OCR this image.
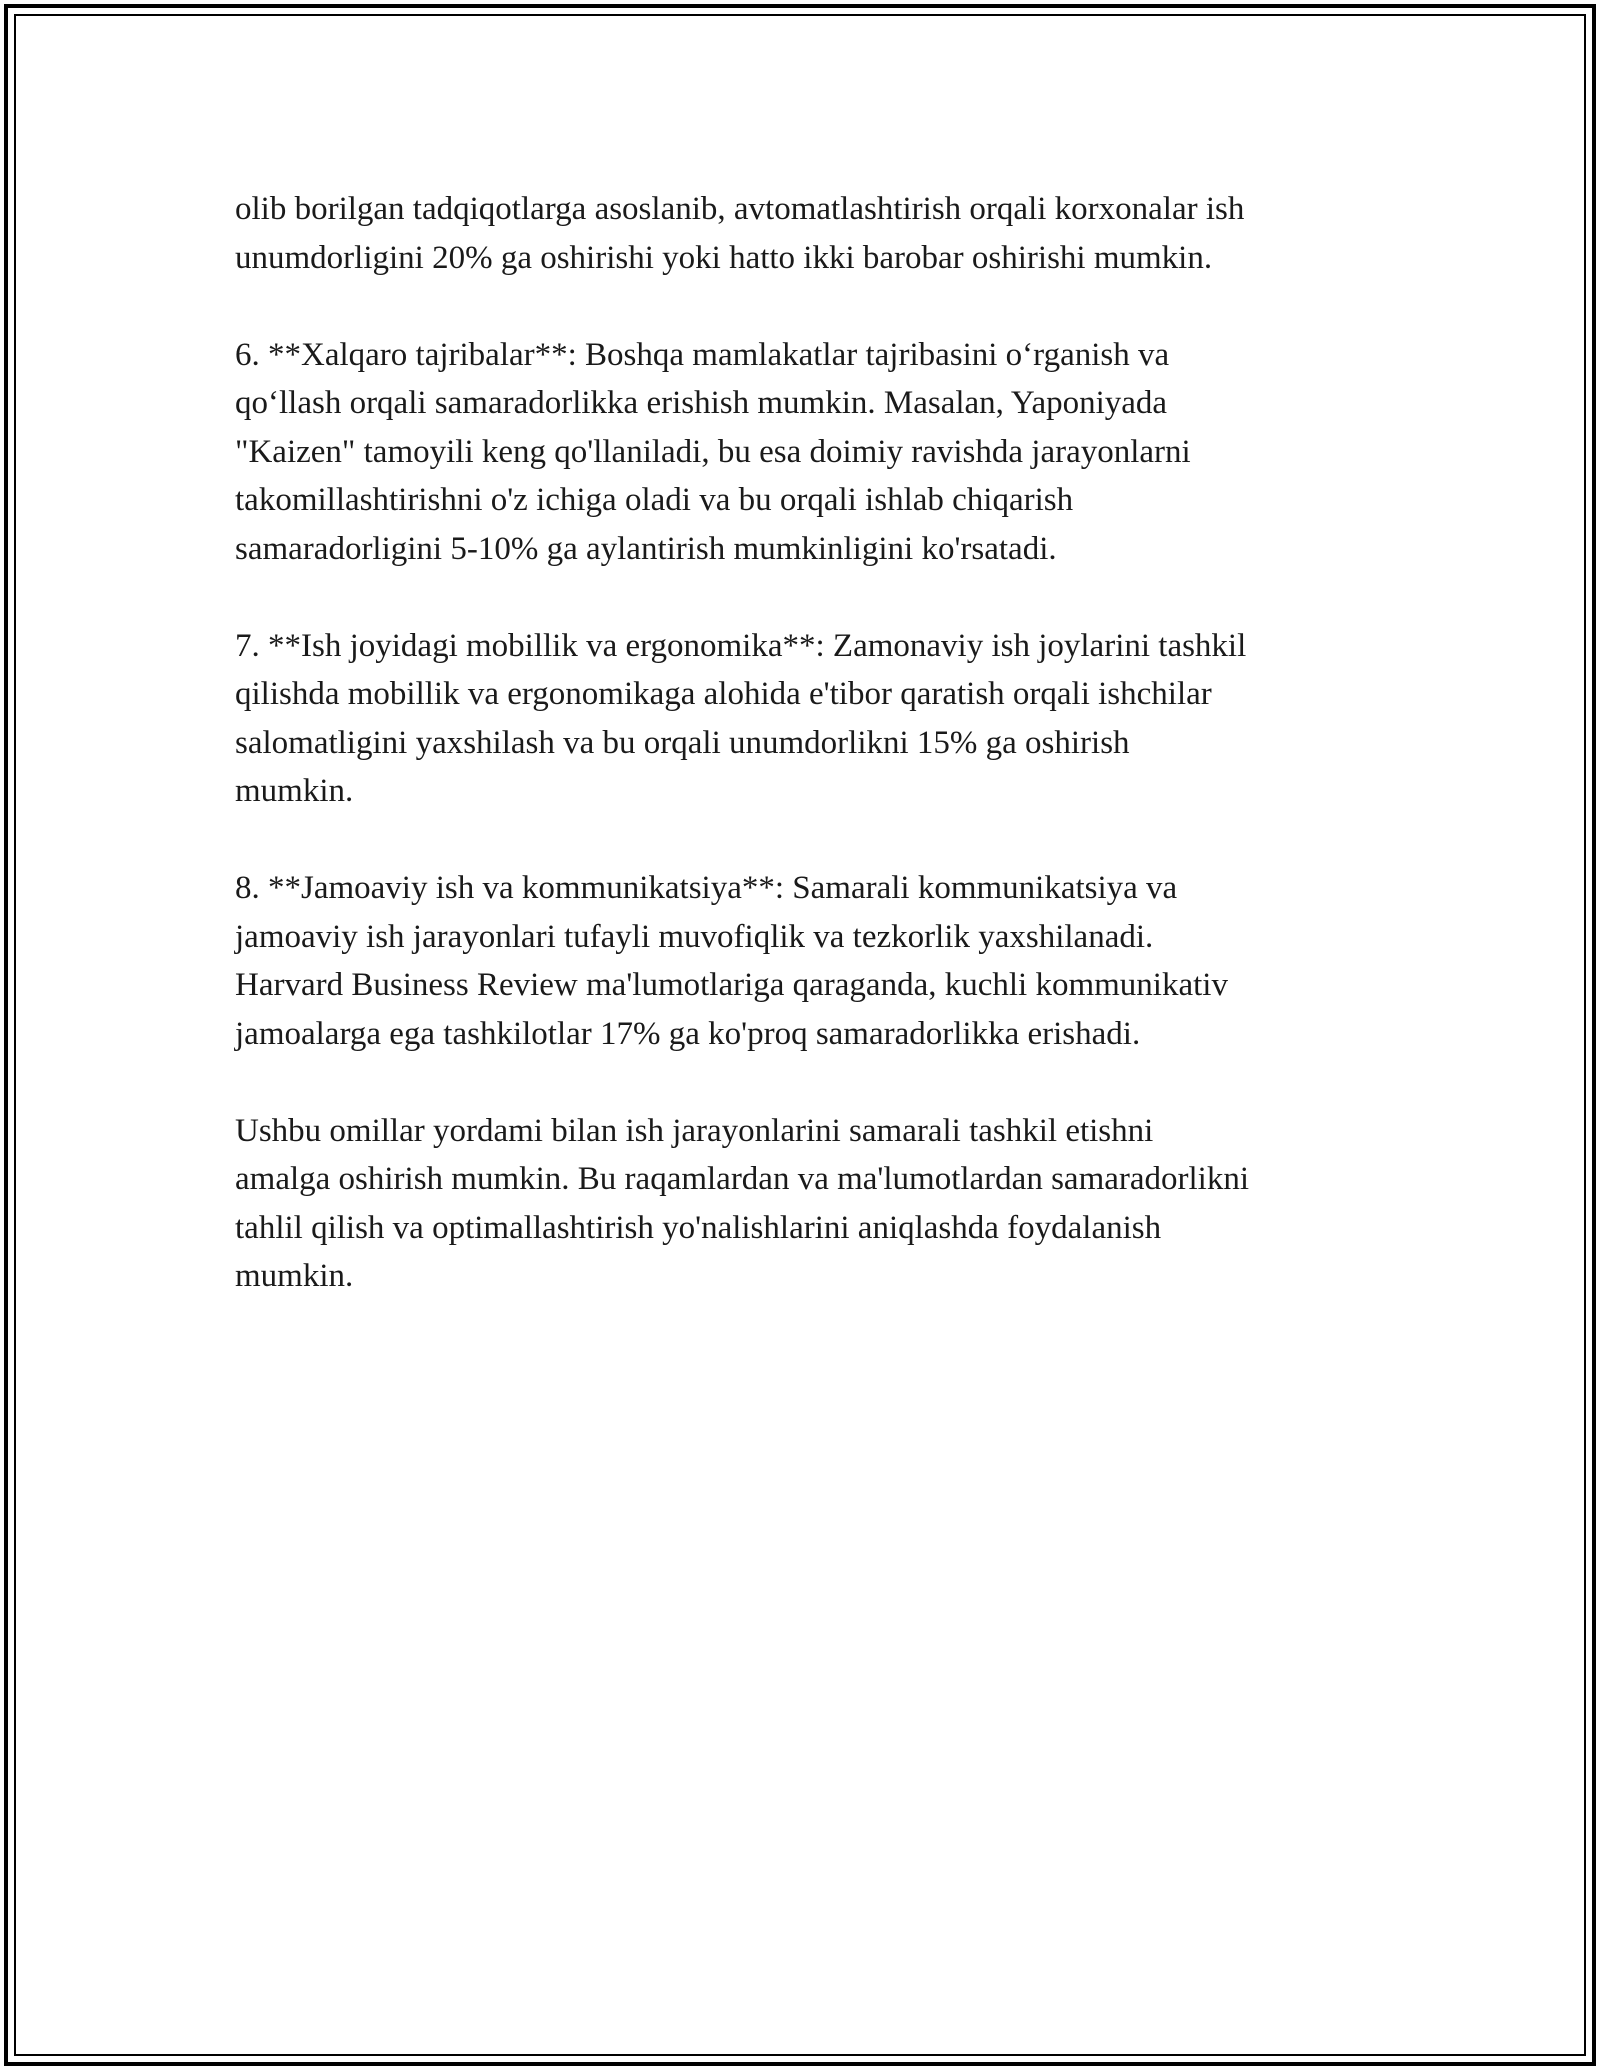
olib borilgan tadqiqotlarga asoslanib, avtomatlashtirish orqali korxonalar ish
unumdorligini 20% ga oshirishi yoki hatto ikki barobar oshirishi mumkin.
6. **Xalqaro tajribalar**: Boshqa mamlakatlar tajribasini o‘rganish va
qo‘llash orqali samaradorlikka erishish mumkin. Masalan, Yaponiyada
"Kaizen" tamoyili keng qo'llaniladi, bu esa doimiy ravishda jarayonlarni
takomillashtirishni o'z ichiga oladi va bu orqali ishlab chiqarish
samaradorligini 5-10% ga aylantirish mumkinligini ko'rsatadi.
7. **Ish joyidagi mobillik va ergonomika**: Zamonaviy ish joylarini tashkil
qilishda mobillik va ergonomikaga alohida e'tibor qaratish orqali ishchilar
salomatligini yaxshilash va bu orqali unumdorlikni 15% ga oshirish
mumkin.
8. **Jamoaviy ish va kommunikatsiya**: Samarali kommunikatsiya va
jamoaviy ish jarayonlari tufayli muvofiqlik va tezkorlik yaxshilanadi.
Harvard Business Review ma'lumotlariga qaraganda, kuchli kommunikativ
jamoalarga ega tashkilotlar 17% ga ko'proq samaradorlikka erishadi.
Ushbu omillar yordami bilan ish jarayonlarini samarali tashkil etishni
amalga oshirish mumkin. Bu raqamlardan va ma'lumotlardan samaradorlikni
tahlil qilish va optimallashtirish yo'nalishlarini aniqlashda foydalanish
mumkin.
